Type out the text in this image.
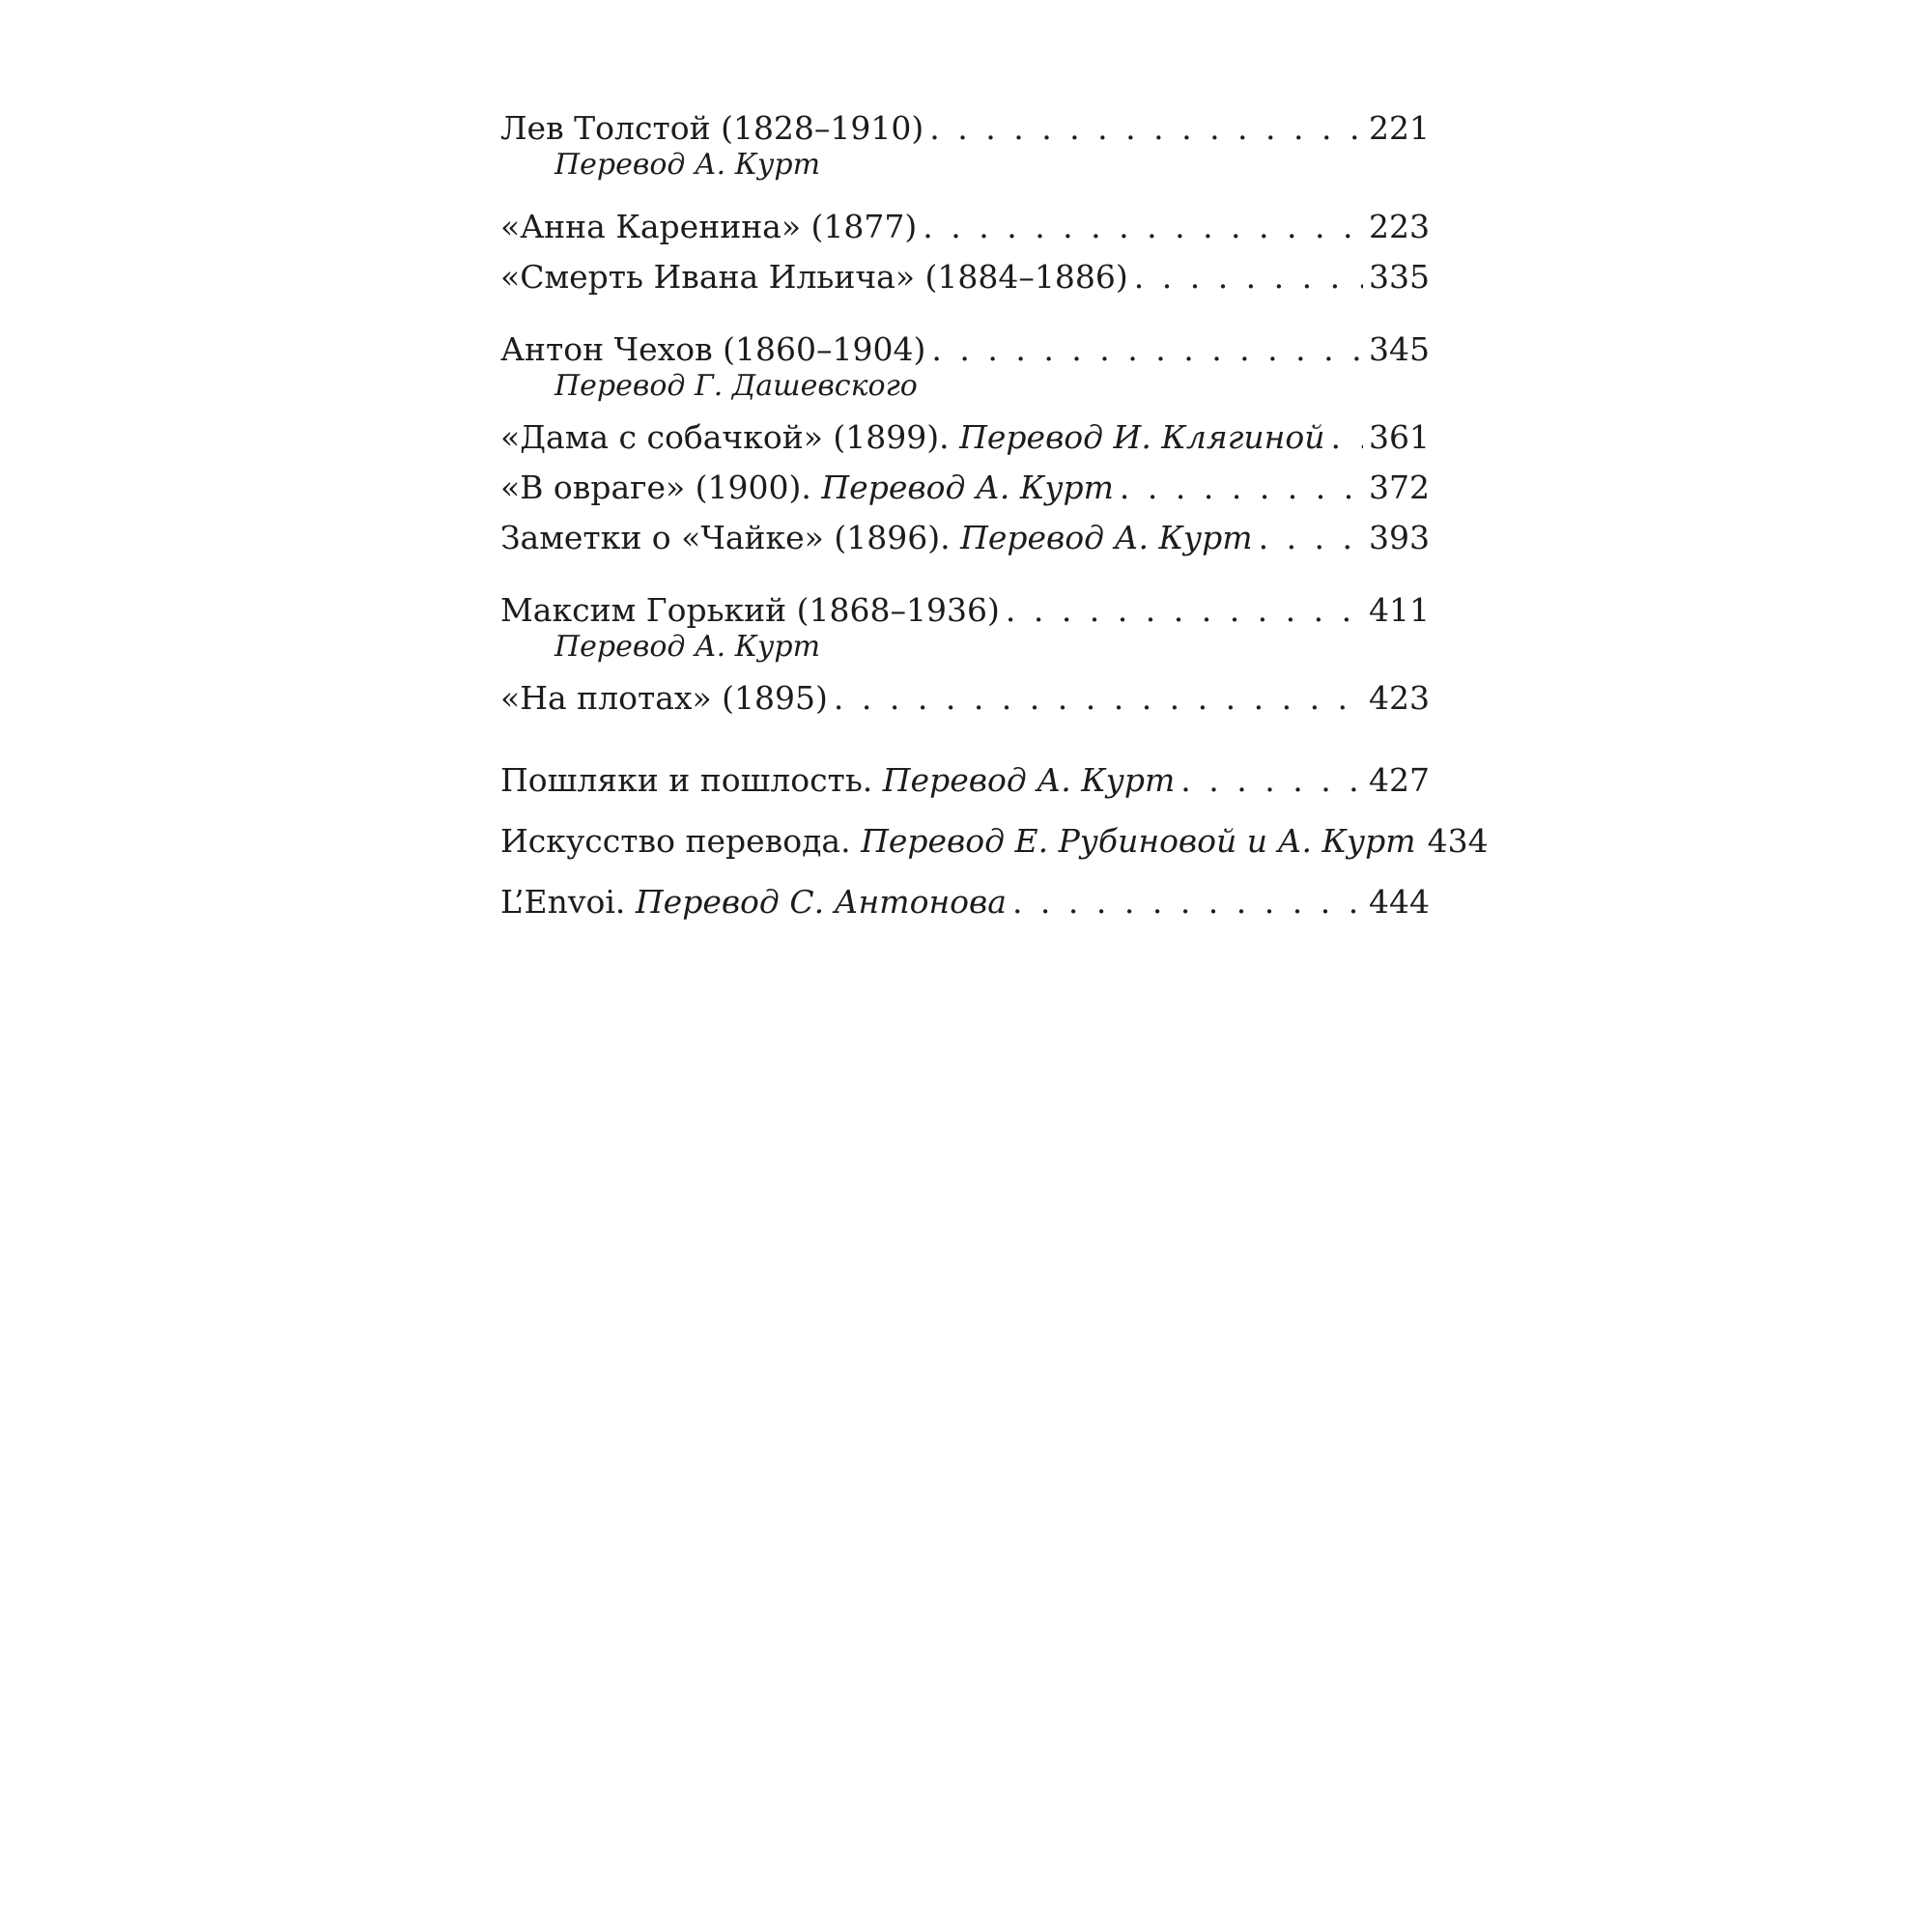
Лев Толстой (1828–1910) . . .	221
Перевод А. Курт
«Анна Каренина» (1877) . . .	223
«Смерть Ивана Ильича» (1884–1886) . . .	335
Антон Чехов (1860–1904) . . .	345
Перевод Г. Дашевского
«Дама с собачкой» (1899). Перевод И. Клягиной . . . 361
«В овраге» (1900). Перевод А. Курт . . .	372
Заметки о «Чайке» (1896). Перевод А. Курт . . .	393
Максим Горький (1868–1936) . . .	411
Перевод А. Курт
«На плотах» (1895) . . .	423
Пошляки и пошлость. Перевод А. Курт . . .	427
Искусство перевода. Перевод Е. Рубиновой и А. Курт 434
L’Envoi. Перевод С. Антонова . . .	444
